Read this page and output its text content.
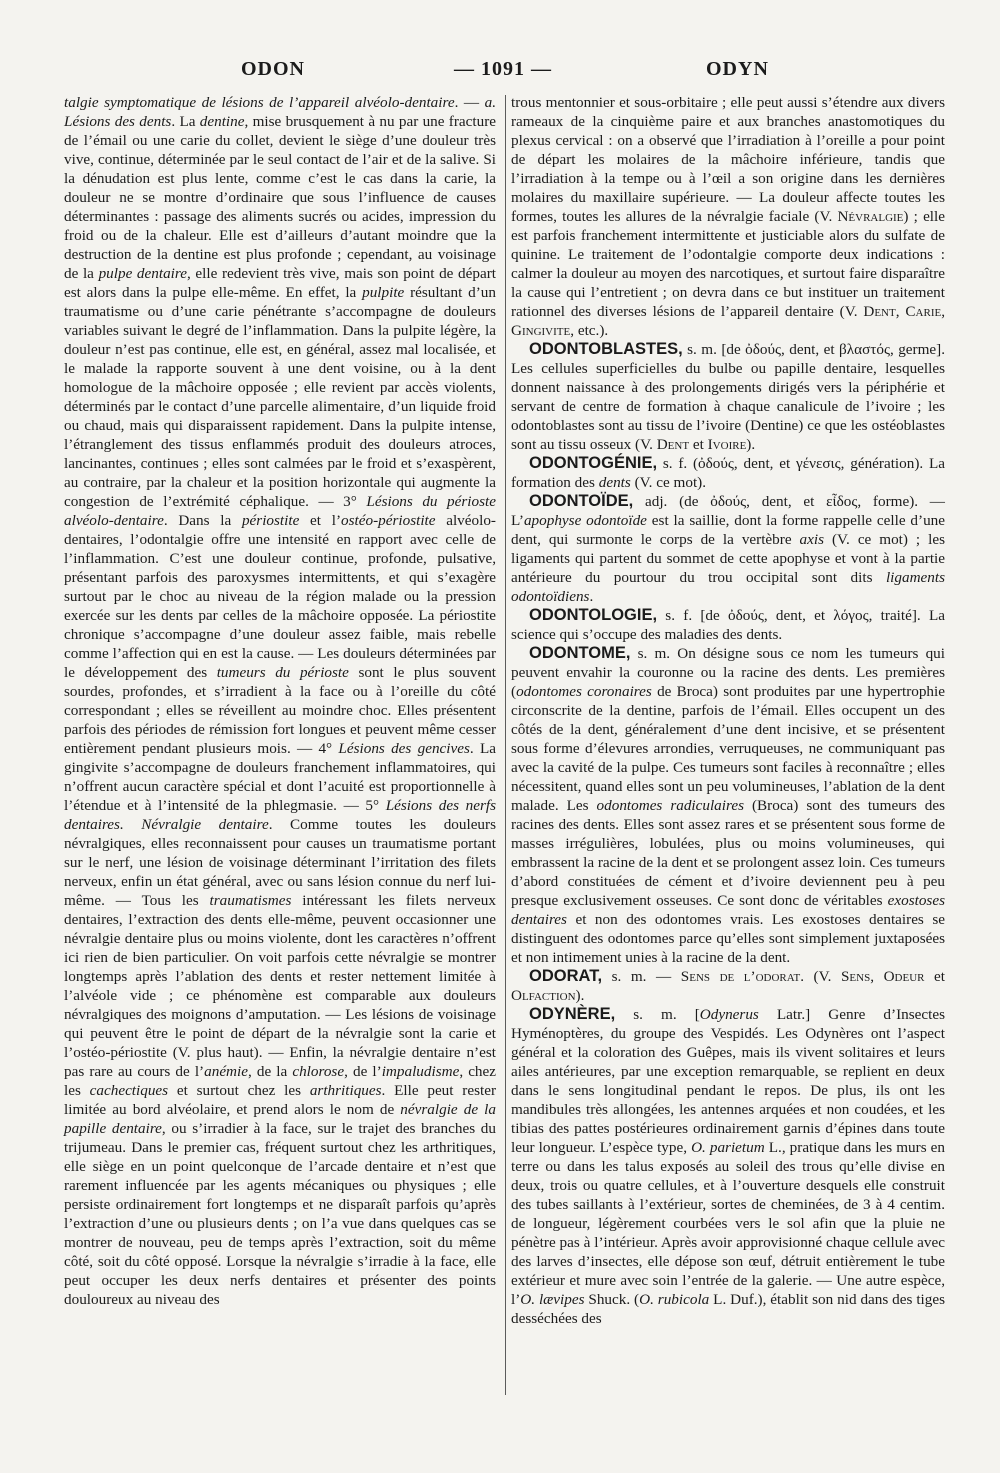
ODON	— 1091 —	ODYN

talgie symptomatique de lésions de l’appareil alvéolo-dentaire. — a. Lésions des dents. La dentine, mise brusquement à nu par une fracture de l’émail ou une carie du collet, devient le siège d’une douleur très vive, continue, déterminée par le seul contact de l’air et de la salive. Si la dénudation est plus lente, comme c’est le cas dans la carie, la douleur ne se montre d’ordinaire que sous l’influence de causes déterminantes : passage des aliments sucrés ou acides, impression du froid ou de la chaleur. Elle est d’ailleurs d’autant moindre que la destruction de la dentine est plus profonde ; cependant, au voisinage de la pulpe dentaire, elle redevient très vive, mais son point de départ est alors dans la pulpe elle-même. En effet, la pulpite résultant d’un traumatisme ou d’une carie pénétrante s’accompagne de douleurs variables suivant le degré de l’inflammation. Dans la pulpite légère, la douleur n’est pas continue, elle est, en général, assez mal localisée, et le malade la rapporte souvent à une dent voisine, ou à la dent homologue de la mâchoire opposée ; elle revient par accès violents, déterminés par le contact d’une parcelle alimentaire, d’un liquide froid ou chaud, mais qui disparaissent rapidement. Dans la pulpite intense, l’étranglement des tissus enflammés produit des douleurs atroces, lancinantes, continues ; elles sont calmées par le froid et s’exaspèrent, au contraire, par la chaleur et la position horizontale qui augmente la congestion de l’extrémité céphalique. — 3° Lésions du périoste alvéolo-dentaire. Dans la périostite et l’ostéo-périostite alvéolo-dentaires, l’odontalgie offre une intensité en rapport avec celle de l’inflammation. C’est une douleur continue, profonde, pulsative, présentant parfois des paroxysmes intermittents, et qui s’exagère surtout par le choc au niveau de la région malade ou la pression exercée sur les dents par celles de la mâchoire opposée. La périostite chronique s’accompagne d’une douleur assez faible, mais rebelle comme l’affection qui en est la cause. — Les douleurs déterminées par le développement des tumeurs du périoste sont le plus souvent sourdes, profondes, et s’irradient à la face ou à l’oreille du côté correspondant ; elles se réveillent au moindre choc. Elles présentent parfois des périodes de rémission fort longues et peuvent même cesser entièrement pendant plusieurs mois. — 4° Lésions des gencives. La gingivite s’accompagne de douleurs franchement inflammatoires, qui n’offrent aucun caractère spécial et dont l’acuité est proportionnelle à l’étendue et à l’intensité de la phlegmasie. — 5° Lésions des nerfs dentaires. Névralgie dentaire. Comme toutes les douleurs névralgiques, elles reconnaissent pour causes un traumatisme portant sur le nerf, une lésion de voisinage déterminant l’irritation des filets nerveux, enfin un état général, avec ou sans lésion connue du nerf lui-même. — Tous les traumatismes intéressant les filets nerveux dentaires, l’extraction des dents elle-même, peuvent occasionner une névralgie dentaire plus ou moins violente, dont les caractères n’offrent ici rien de bien particulier. On voit parfois cette névralgie se montrer longtemps après l’ablation des dents et rester nettement limitée à l’alvéole vide ; ce phénomène est comparable aux douleurs névralgiques des moignons d’amputation. — Les lésions de voisinage qui peuvent être le point de départ de la névralgie sont la carie et l’ostéo-périostite (V. plus haut). — Enfin, la névralgie dentaire n’est pas rare au cours de l’anémie, de la chlorose, de l’impaludisme, chez les cachectiques et surtout chez les arthritiques. Elle peut rester limitée au bord alvéolaire, et prend alors le nom de névralgie de la papille dentaire, ou s’irradier à la face, sur le trajet des branches du trijumeau. Dans le premier cas, fréquent surtout chez les arthritiques, elle siège en un point quelconque de l’arcade dentaire et n’est que rarement influencée par les agents mécaniques ou physiques ; elle persiste ordinairement fort longtemps et ne disparaît parfois qu’après l’extraction d’une ou plusieurs dents ; on l’a vue dans quelques cas se montrer de nouveau, peu de temps après l’extraction, soit du même côté, soit du côté opposé. Lorsque la névralgie s’irradie à la face, elle peut occuper les deux nerfs dentaires et présenter des points douloureux au niveau des

trous mentonnier et sous-orbitaire ; elle peut aussi s’étendre aux divers rameaux de la cinquième paire et aux branches anastomotiques du plexus cervical : on a observé que l’irradiation à l’oreille a pour point de départ les molaires de la mâchoire inférieure, tandis que l’irradiation à la tempe ou à l’œil a son origine dans les dernières molaires du maxillaire supérieure. — La douleur affecte toutes les formes, toutes les allures de la névralgie faciale (V. Névralgie) ; elle est parfois franchement intermittente et justiciable alors du sulfate de quinine. Le traitement de l’odontalgie comporte deux indications : calmer la douleur au moyen des narcotiques, et surtout faire disparaître la cause qui l’entretient ; on devra dans ce but instituer un traitement rationnel des diverses lésions de l’appareil dentaire (V. Dent, Carie, Gingivite, etc.).

ODONTOBLASTES, s. m. [de ὀδούς, dent, et βλαστός, germe]. Les cellules superficielles du bulbe ou papille dentaire, lesquelles donnent naissance à des prolongements dirigés vers la périphérie et servant de centre de formation à chaque canalicule de l’ivoire ; les odontoblastes sont au tissu de l’ivoire (Dentine) ce que les ostéoblastes sont au tissu osseux (V. Dent et Ivoire).

ODONTOGÉNIE, s. f. (ὀδούς, dent, et γένεσις, génération). La formation des dents (V. ce mot).

ODONTOÏDE, adj. (de ὀδούς, dent, et εἶδος, forme). — L’apophyse odontoïde est la saillie, dont la forme rappelle celle d’une dent, qui surmonte le corps de la vertèbre axis (V. ce mot) ; les ligaments qui partent du sommet de cette apophyse et vont à la partie antérieure du pourtour du trou occipital sont dits ligaments odontoïdiens.

ODONTOLOGIE, s. f. [de ὀδούς, dent, et λόγος, traité]. La science qui s’occupe des maladies des dents.

ODONTOME, s. m. On désigne sous ce nom les tumeurs qui peuvent envahir la couronne ou la racine des dents. Les premières (odontomes coronaires de Broca) sont produites par une hypertrophie circonscrite de la dentine, parfois de l’émail. Elles occupent un des côtés de la dent, généralement d’une dent incisive, et se présentent sous forme d’élevures arrondies, verruqueuses, ne communiquant pas avec la cavité de la pulpe. Ces tumeurs sont faciles à reconnaître ; elles nécessitent, quand elles sont un peu volumineuses, l’ablation de la dent malade. Les odontomes radiculaires (Broca) sont des tumeurs des racines des dents. Elles sont assez rares et se présentent sous forme de masses irrégulières, lobulées, plus ou moins volumineuses, qui embrassent la racine de la dent et se prolongent assez loin. Ces tumeurs d’abord constituées de cément et d’ivoire deviennent peu à peu presque exclusivement osseuses. Ce sont donc de véritables exostoses dentaires et non des odontomes vrais. Les exostoses dentaires se distinguent des odontomes parce qu’elles sont simplement juxtaposées et non intimement unies à la racine de la dent.

ODORAT, s. m. — Sens de l’odorat. (V. Sens, Odeur et Olfaction).

ODYNÈRE, s. m. [Odynerus Latr.] Genre d’Insectes Hyménoptères, du groupe des Vespidés. Les Odynères ont l’aspect général et la coloration des Guêpes, mais ils vivent solitaires et leurs ailes antérieures, par une exception remarquable, se replient en deux dans le sens longitudinal pendant le repos. De plus, ils ont les mandibules très allongées, les antennes arquées et non coudées, et les tibias des pattes postérieures ordinairement garnis d’épines dans toute leur longueur. L’espèce type, O. parietum L., pratique dans les murs en terre ou dans les talus exposés au soleil des trous qu’elle divise en deux, trois ou quatre cellules, et à l’ouverture desquels elle construit des tubes saillants à l’extérieur, sortes de cheminées, de 3 à 4 centim. de longueur, légèrement courbées vers le sol afin que la pluie ne pénètre pas à l’intérieur. Après avoir approvisionné chaque cellule avec des larves d’insectes, elle dépose son œuf, détruit entièrement le tube extérieur et mure avec soin l’entrée de la galerie. — Une autre espèce, l’O. lævipes Shuck. (O. rubicola L. Duf.), établit son nid dans des tiges desséchées des
